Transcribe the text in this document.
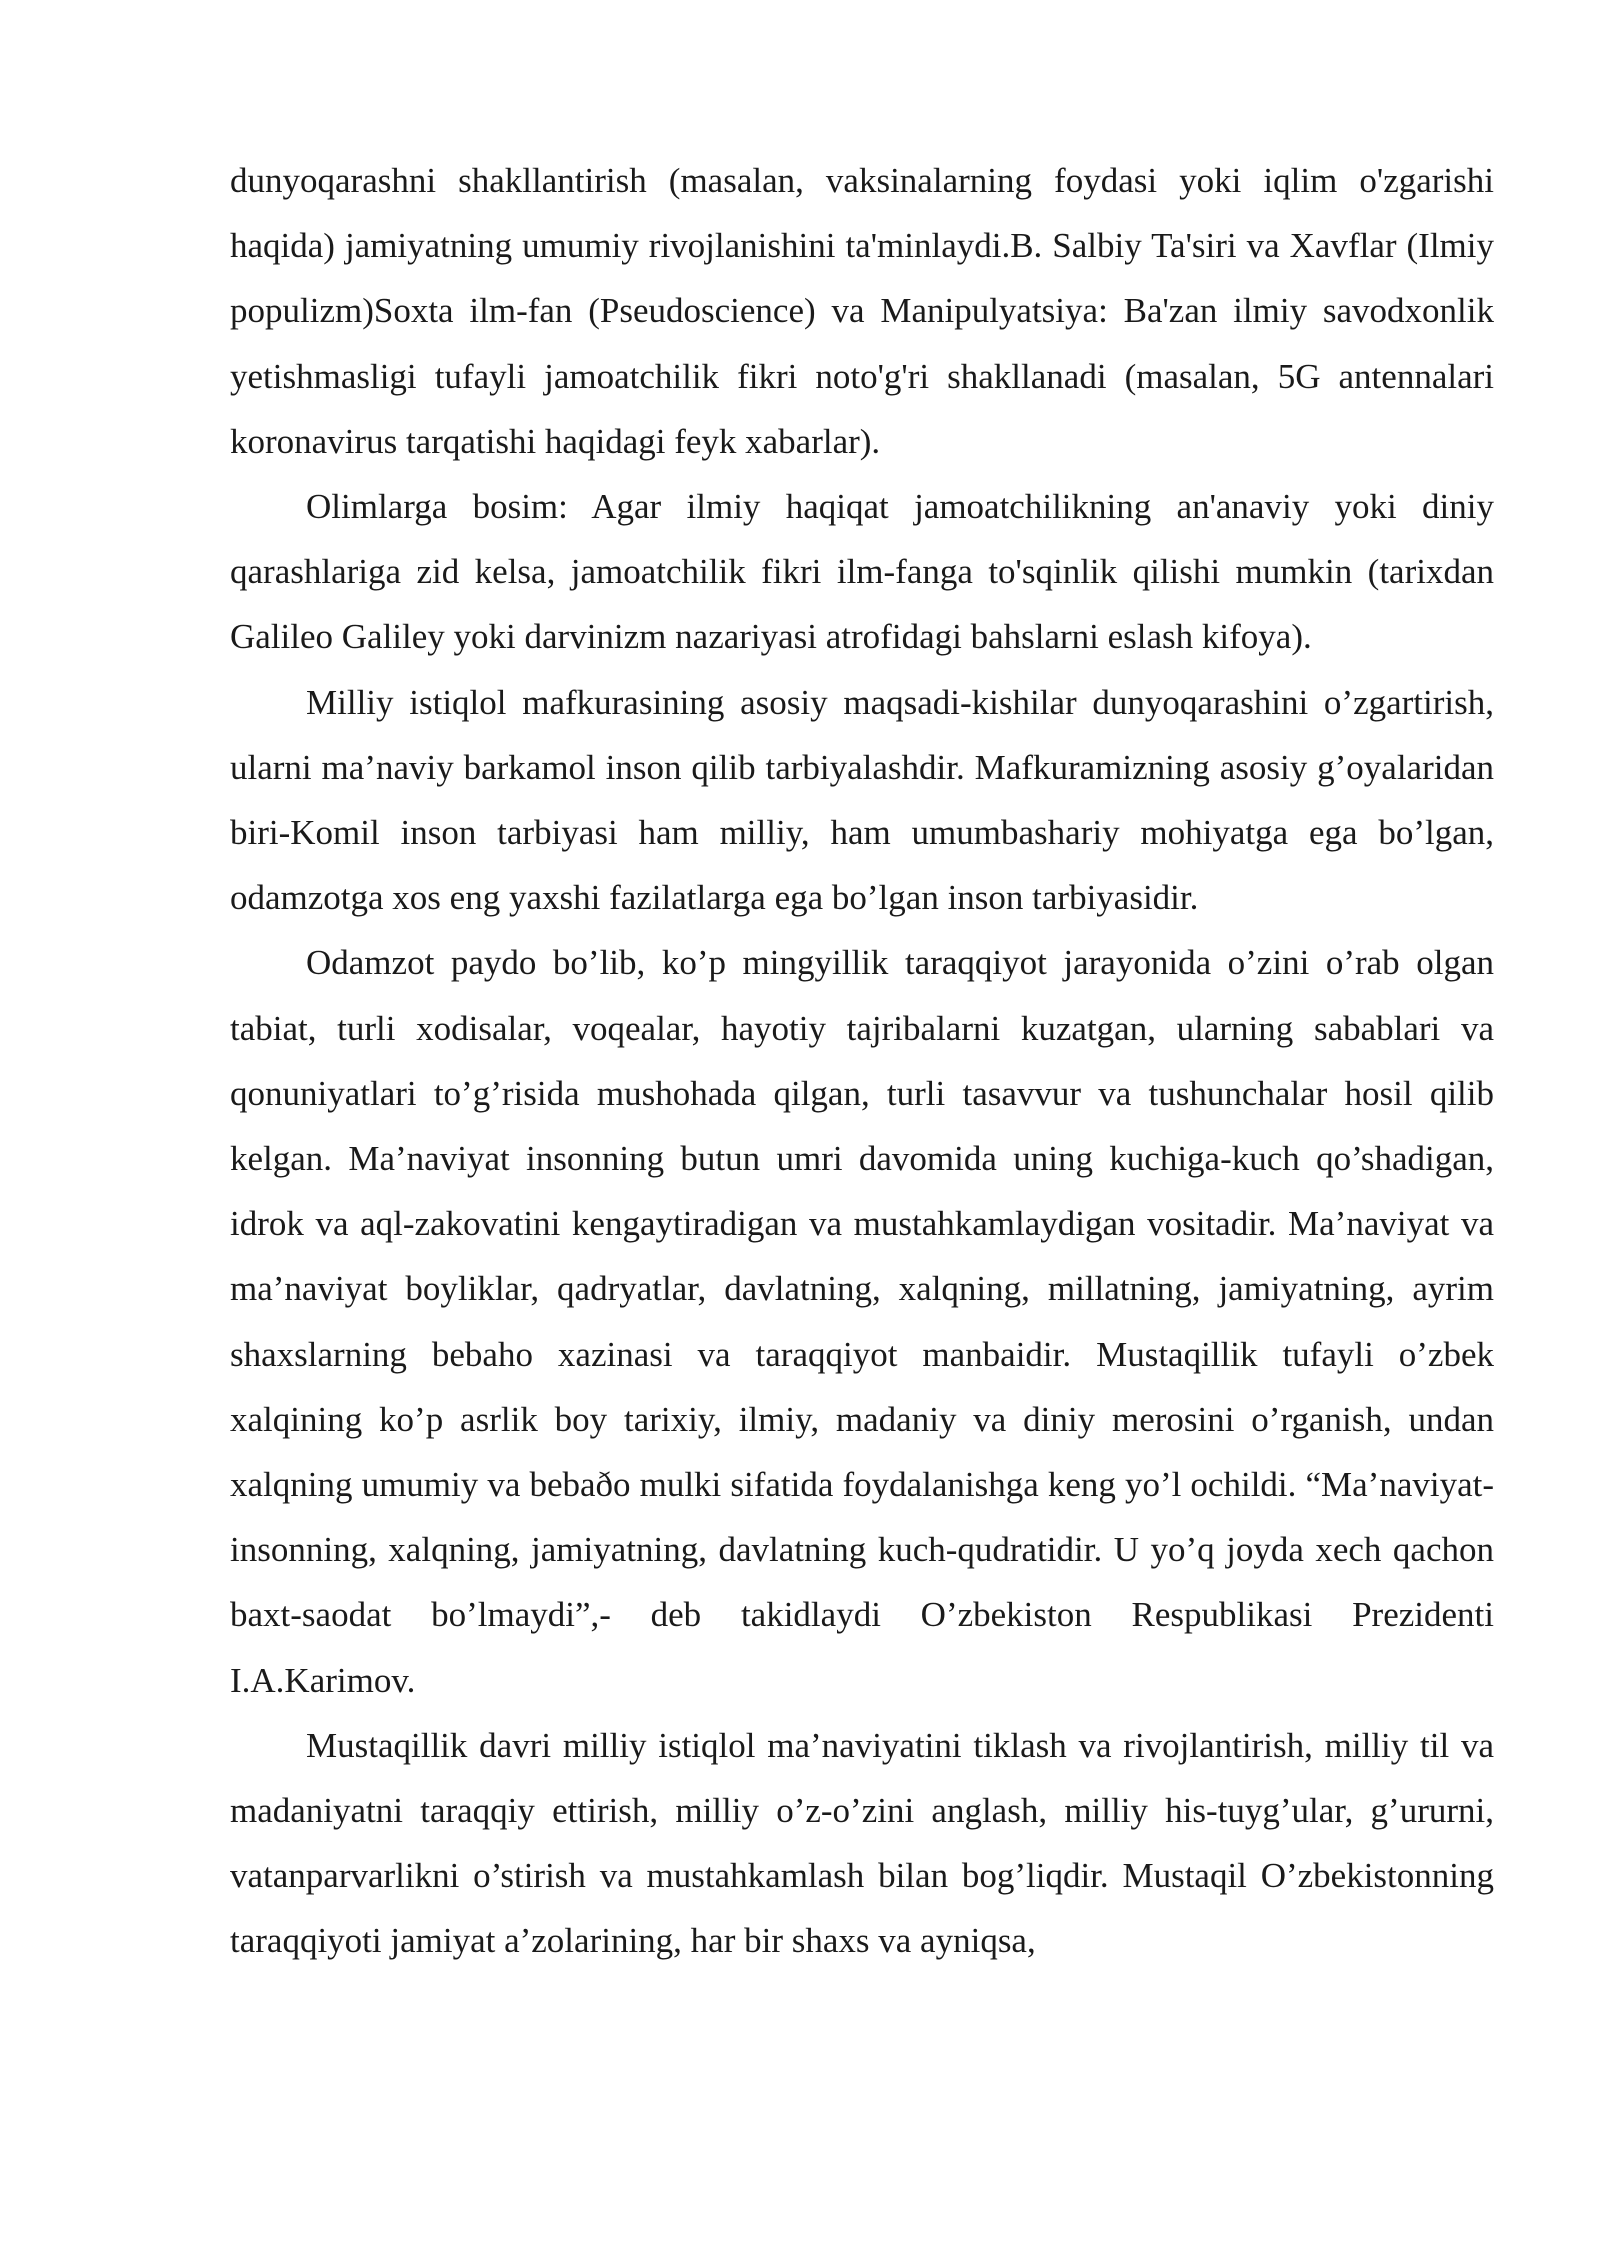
dunyoqarashni shakllantirish (masalan, vaksinalarning foydasi yoki iqlim o'zgarishi haqida) jamiyatning umumiy rivojlanishini ta'minlaydi.B. Salbiy Ta'siri va Xavflar (Ilmiy populizm)Soxta ilm-fan (Pseudoscience) va Manipulyatsiya: Ba'zan ilmiy savodxonlik yetishmasligi tufayli jamoatchilik fikri noto'g'ri shakllanadi (masalan, 5G antennalari koronavirus tarqatishi haqidagi feyk xabarlar).

Olimlarga bosim: Agar ilmiy haqiqat jamoatchilikning an'anaviy yoki diniy qarashlariga zid kelsa, jamoatchilik fikri ilm-fanga to'sqinlik qilishi mumkin (tarixdan Galileo Galiley yoki darvinizm nazariyasi atrofidagi bahslarni eslash kifoya).

Milliy istiqlol mafkurasining asosiy maqsadi-kishilar dunyoqarashini o’zgartirish, ularni ma’naviy barkamol inson qilib tarbiyalashdir. Mafkuramizning asosiy g’oyalaridan biri-Komil inson tarbiyasi ham milliy, ham umumbashariy mohiyatga ega bo’lgan, odamzotga xos eng yaxshi fazilatlarga ega bo’lgan inson tarbiyasidir.

Odamzot paydo bo’lib, ko’p mingyillik taraqqiyot jarayonida o’zini o’rab olgan tabiat, turli xodisalar, voqealar, hayotiy tajribalarni kuzatgan, ularning sabablari va qonuniyatlari to’g’risida mushohada qilgan, turli tasavvur va tushunchalar hosil qilib kelgan. Ma’naviyat insonning butun umri davomida uning kuchiga-kuch qo’shadigan, idrok va aql-zakovatini kengaytiradigan va mustahkamlaydigan vositadir. Ma’naviyat va ma’naviyat boyliklar, qadryatlar, davlatning, xalqning, millatning, jamiyatning, ayrim shaxslarning bebaho xazinasi va taraqqiyot manbaidir. Mustaqillik tufayli o’zbek xalqining ko’p asrlik boy tarixiy, ilmiy, madaniy va diniy merosini o’rganish, undan xalqning umumiy va bebaðo mulki sifatida foydalanishga keng yo’l ochildi. “Ma’naviyat-insonning, xalqning, jamiyatning, davlatning kuch-qudratidir. U yo’q joyda xech qachon baxt-saodat bo’lmaydi”,- deb takidlaydi O’zbekiston Respublikasi Prezidenti I.A.Karimov.

Mustaqillik davri milliy istiqlol ma’naviyatini tiklash va rivojlantirish, milliy til va madaniyatni taraqqiy ettirish, milliy o’z-o’zini anglash, milliy his-tuyg’ular, g’ururni, vatanparvarlikni o’stirish va mustahkamlash bilan bog’liqdir. Mustaqil O’zbekistonning taraqqiyoti jamiyat a’zolarining, har bir shaxs va ayniqsa,
